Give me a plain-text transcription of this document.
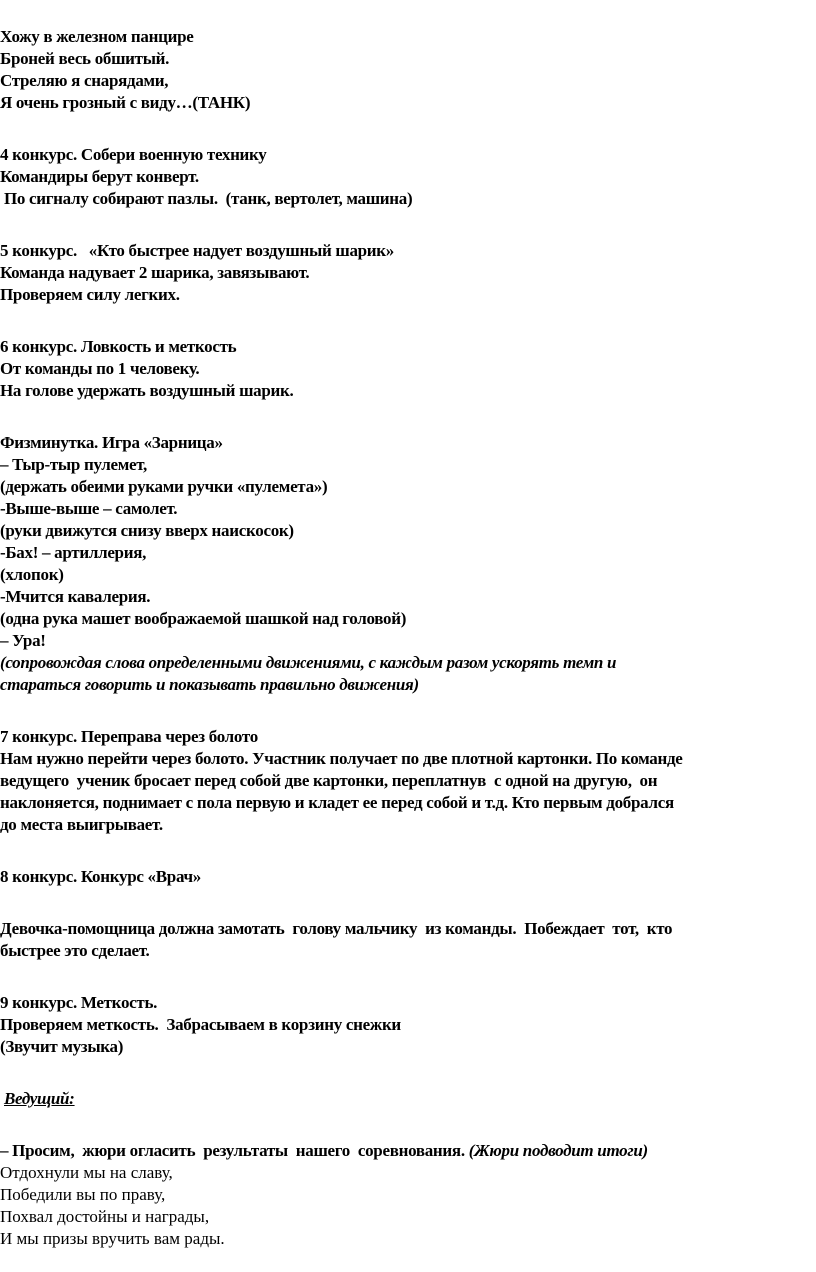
Хожу в железном панцире
Броней весь обшитый.
Стреляю я снарядами,
Я очень грозный с виду…(ТАНК)
4 конкурс. Собери военную технику
Командиры берут конверт.
По сигналу собирают пазлы.  (танк, вертолет, машина)
5 конкурс.   «Кто быстрее надует воздушный шарик»
Команда надувает 2 шарика, завязывают.
Проверяем силу легких.
6 конкурс. Ловкость и меткость
От команды по 1 человеку.
На голове удержать воздушный шарик.
Физминутка. Игра «Зарница»
– Тыр-тыр пулемет,
(держать обеими руками ручки «пулемета»)
-Выше-выше – самолет.
(руки движутся снизу вверх наискосок)
-Бах! – артиллерия,
(хлопок)
-Мчится кавалерия.
(одна рука машет воображаемой шашкой над головой)
– Ура!
(сопровождая слова определенными движениями, с каждым разом ускорять темп и
стараться говорить и показывать правильно движения)
7 конкурс. Переправа через болото
Нам нужно перейти через болото. Участник получает по две плотной картонки. По команде
ведущего  ученик бросает перед собой две картонки, переплатнув  с одной на другую,  он
наклоняется, поднимает с пола первую и кладет ее перед собой и т.д. Кто первым добрался
до места выигрывает.
8 конкурс. Конкурс «Врач»
Девочка-помощница должна замотать  голову мальчику  из команды.  Побеждает  тот,  кто
быстрее это сделает.
9 конкурс. Меткость.
Проверяем меткость.  Забрасываем в корзину снежки
(Звучит музыка)
Ведущий:
– Просим,  жюри огласить  результаты  нашего  соревнования. (Жюри подводит итоги)
Отдохнули мы на славу,
Победили вы по праву,
Похвал достойны и награды,
И мы призы вручить вам рады.
